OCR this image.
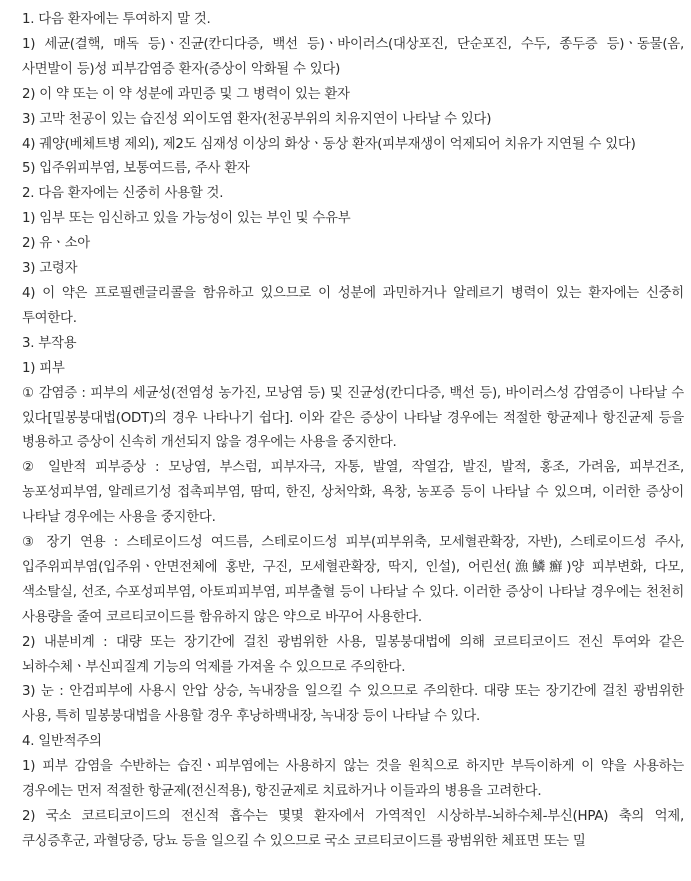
1. 다음 환자에는 투여하지 말 것.

1) 세균(결핵, 매독 등)ㆍ진균(칸디다증, 백선 등)ㆍ바이러스(대상포진, 단순포진, 수두, 종두증 등)ㆍ동물(옴, 사면발이 등)성 피부감염증 환자(증상이 악화될 수 있다)

2) 이 약 또는 이 약 성분에 과민증 및 그 병력이 있는 환자

3) 고막 천공이 있는 습진성 외이도염 환자(천공부위의 치유지연이 나타날 수 있다)

4) 궤양(베체트병 제외), 제2도 심재성 이상의 화상ㆍ동상 환자(피부재생이 억제되어 치유가 지연될 수 있다)

5) 입주위피부염, 보통여드름, 주사 환자

2. 다음 환자에는 신중히 사용할 것.

1) 임부 또는 임신하고 있을 가능성이 있는 부인 및 수유부

2) 유ㆍ소아

3) 고령자

4) 이 약은 프로필렌글리콜을 함유하고 있으므로 이 성분에 과민하거나 알레르기 병력이 있는 환자에는 신중히 투여한다.

3. 부작용

1) 피부

① 감염증 : 피부의 세균성(전염성 농가진, 모낭염 등) 및 진균성(칸디다증, 백선 등), 바이러스성 감염증이 나타날 수 있다[밀봉붕대법(ODT)의 경우 나타나기 쉽다]. 이와 같은 증상이 나타날 경우에는 적절한 항균제나 항진균제 등을 병용하고 증상이 신속히 개선되지 않을 경우에는 사용을 중지한다.

② 일반적 피부증상 : 모낭염, 부스럼, 피부자극, 자통, 발열, 작열감, 발진, 발적, 홍조, 가려움, 피부건조, 농포성피부염, 알레르기성 접촉피부염, 땀띠, 한진, 상처악화, 욕창, 농포증 등이 나타날 수 있으며, 이러한 증상이 나타날 경우에는 사용을 중지한다.

③ 장기 연용 : 스테로이드성 여드름, 스테로이드성 피부(피부위축, 모세혈관확장, 자반), 스테로이드성 주사, 입주위피부염(입주위ㆍ안면전체에 홍반, 구진, 모세혈관확장, 딱지, 인설), 어린선(漁鱗癬)양 피부변화, 다모, 색소탈실, 선조, 수포성피부염, 아토피피부염, 피부출혈 등이 나타날 수 있다. 이러한 증상이 나타날 경우에는 천천히 사용량을 줄여 코르티코이드를 함유하지 않은 약으로 바꾸어 사용한다.

2) 내분비계 : 대량 또는 장기간에 걸친 광범위한 사용, 밀봉붕대법에 의해 코르티코이드 전신 투여와 같은 뇌하수체ㆍ부신피질계 기능의 억제를 가져올 수 있으므로 주의한다.

3) 눈 : 안검피부에 사용시 안압 상승, 녹내장을 일으킬 수 있으므로 주의한다. 대량 또는 장기간에 걸친 광범위한 사용, 특히 밀봉붕대법을 사용할 경우 후낭하백내장, 녹내장 등이 나타날 수 있다.

4. 일반적주의

1) 피부 감염을 수반하는 습진ㆍ피부염에는 사용하지 않는 것을 원칙으로 하지만 부득이하게 이 약을 사용하는 경우에는 먼저 적절한 항균제(전신적용), 항진균제로 치료하거나 이들과의 병용을 고려한다.

2) 국소 코르티코이드의 전신적 흡수는 몇몇 환자에서 가역적인 시상하부-뇌하수체-부신(HPA) 축의 억제, 쿠싱증후군, 과혈당증, 당뇨 등을 일으킬 수 있으므로 국소 코르티코이드를 광범위한 체표면 또는 밀
